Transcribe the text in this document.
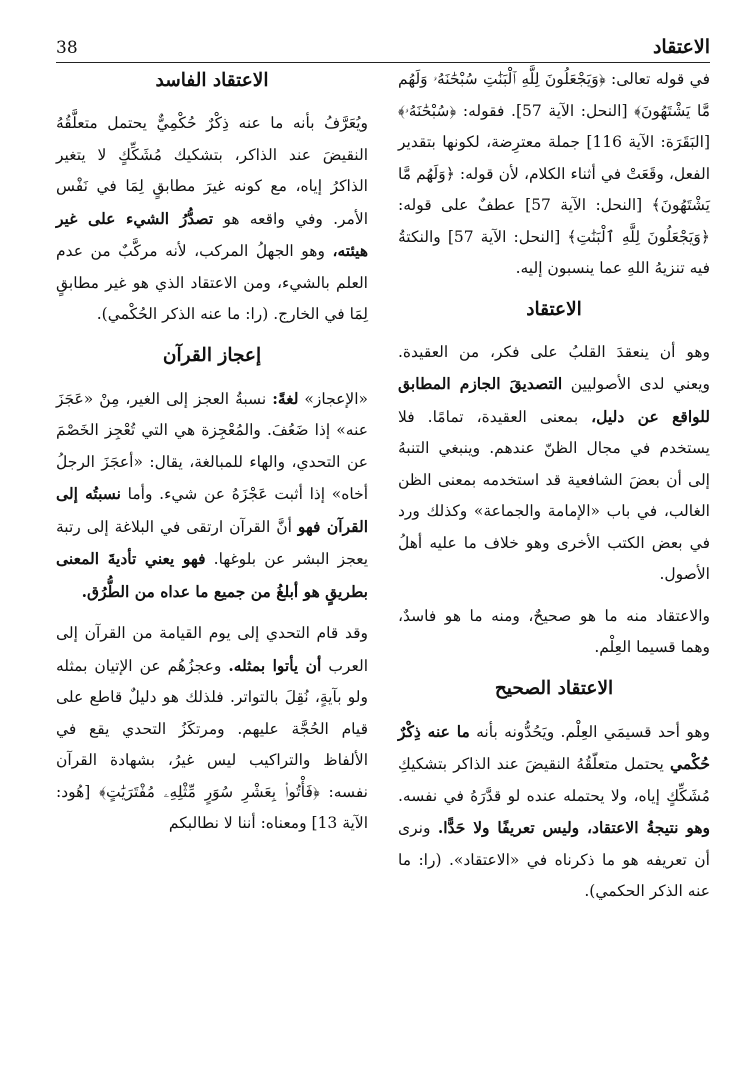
الاعتقاد
38

في قوله تعالى: ﴿وَيَجْعَلُونَ لِلَّهِ ٱلْبَنَٰتِ سُبْحَٰنَهُۥ وَلَهُم مَّا يَشْتَهُونَ﴾ [النحل: الآية 57]. فقوله: ﴿سُبْحَٰنَهُۥ﴾ [البَقَرَة: الآية 116] جملة معترِضة، لكونها بتقدير الفعل، وقَعَتْ في أثناء الكلام، لأن قوله: ﴿وَلَهُم مَّا يَشْتَهُونَ﴾ [النحل: الآية 57] عطفٌ على قوله: ﴿وَيَجْعَلُونَ لِلَّهِ ٱلْبَنَٰتِ﴾ [النحل: الآية 57] والنكتةُ فيه تنزيهُ اللهِ عما ينسبون إليه.

الاعتقاد

وهو أن ينعقدَ القلبُ على فكر، من العقيدة. ويعني لدى الأصوليين التصديقَ الجازم المطابق للواقع عن دليل، بمعنى العقيدة، تمامًا. فلا يستخدم في مجال الظنّ عندهم. وينبغي التنبهُ إلى أن بعضَ الشافعية قد استخدمه بمعنى الظن الغالب، في باب «الإمامة والجماعة» وكذلك ورد في بعض الكتب الأخرى وهو خلاف ما عليه أهلُ الأصول.

والاعتقاد منه ما هو صحيحٌ، ومنه ما هو فاسدٌ، وهما قسيما العِلْم.

الاعتقاد الصحيح

وهو أحد قسيمَي العِلْم. ويَحُدُّونه بأنه ما عنه ذِكْرٌ حُكْمي يحتمل متعلّقُهُ النقيضَ عند الذاكر بتشكيكِ مُشَكِّكٍ إياه، ولا يحتمله عنده لو قدَّرَهُ في نفسه. وهو نتيجةُ الاعتقاد، وليس تعريفًا ولا حَدًّا. ونرى أن تعريفه هو ما ذكرناه في «الاعتقاد». (را: ما عنه الذكر الحكمي).

الاعتقاد الفاسد

ويُعَرَّفُ بأنه ما عنه ذِكْرٌ حُكْمِيٌّ يحتمل متعلَّقُهُ النقيضَ عند الذاكر، بتشكيك مُشَكِّكٍ لا يتغير الذاكرُ إياه، مع كونه غيرَ مطابقٍ لِمَا في نَفْس الأمر. وفي واقعه هو تصدُّرُ الشيء على غير هيئته، وهو الجهلُ المركب، لأنه مركَّبٌ من عدم العلم بالشيء، ومن الاعتقاد الذي هو غير مطابقٍ لِمَا في الخارج. (را: ما عنه الذكر الحُكْمي).

إعجاز القرآن

«الإعجاز» لغةً: نسبةُ العجز إلى الغير، مِنْ «عَجَزَ عنه» إذا ضَعُفَ. والمُعْجِزة هي التي تُعْجِز الخَصْمَ عن التحدي، والهاء للمبالغة، يقال: «أعجَزَ الرجلُ أخاه» إذا أثبت عَجْزَهُ عن شيء. وأما نسبتُه إلى القرآن فهو أنَّ القرآن ارتقى في البلاغة إلى رتبة يعجز البشر عن بلوغها. فهو يعني تأديةَ المعنى بطريقٍ هو أبلغُ من جميع ما عداه من الطُّرُق.

وقد قام التحدي إلى يوم القيامة من القرآن إلى العرب أن يأتوا بمثله. وعجزُهُم عن الإتيان بمثله ولو بآيةٍ، نُقِلَ بالتواتر. فلذلك هو دليلٌ قاطع على قيام الحُجَّة عليهم. ومرتكَزُ التحدي يقع في الألفاظ والتراكيب ليس غيرُ، بشهادة القرآن نفسه: ﴿فَأْتُوا۟ بِعَشْرِ سُوَرٍ مِّثْلِهِۦ مُفْتَرَيَٰتٍ﴾ [هُود: الآية 13] ومعناه: أننا لا نطالبكم
